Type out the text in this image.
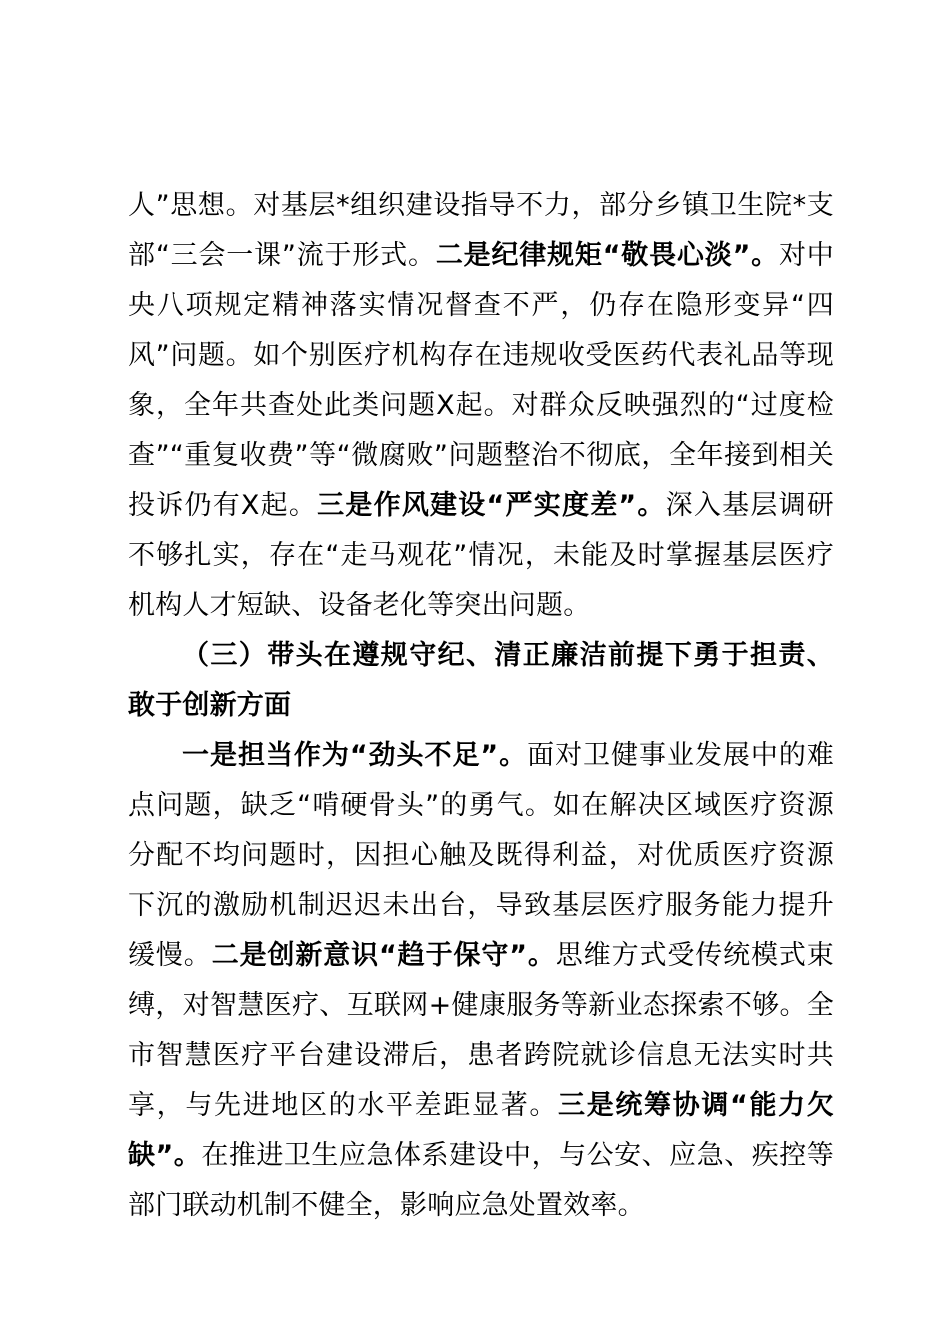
人”思想。对基层*组织建设指导不力，部分乡镇卫生院*支部“三会一课”流于形式。二是纪律规矩“敬畏心淡”。对中央八项规定精神落实情况督查不严，仍存在隐形变异“四风”问题。如个别医疗机构存在违规收受医药代表礼品等现象，全年共查处此类问题X起。对群众反映强烈的“过度检查”“重复收费”等“微腐败”问题整治不彻底，全年接到相关投诉仍有X起。三是作风建设“严实度差”。深入基层调研不够扎实，存在“走马观花”情况，未能及时掌握基层医疗机构人才短缺、设备老化等突出问题。

（三）带头在遵规守纪、清正廉洁前提下勇于担责、敢于创新方面

一是担当作为“劲头不足”。面对卫健事业发展中的难点问题，缺乏“啃硬骨头”的勇气。如在解决区域医疗资源分配不均问题时，因担心触及既得利益，对优质医疗资源下沉的激励机制迟迟未出台，导致基层医疗服务能力提升缓慢。二是创新意识“趋于保守”。思维方式受传统模式束缚，对智慧医疗、互联网+健康服务等新业态探索不够。全市智慧医疗平台建设滞后，患者跨院就诊信息无法实时共享，与先进地区的水平差距显著。三是统筹协调“能力欠缺”。在推进卫生应急体系建设中，与公安、应急、疾控等部门联动机制不健全，影响应急处置效率。
